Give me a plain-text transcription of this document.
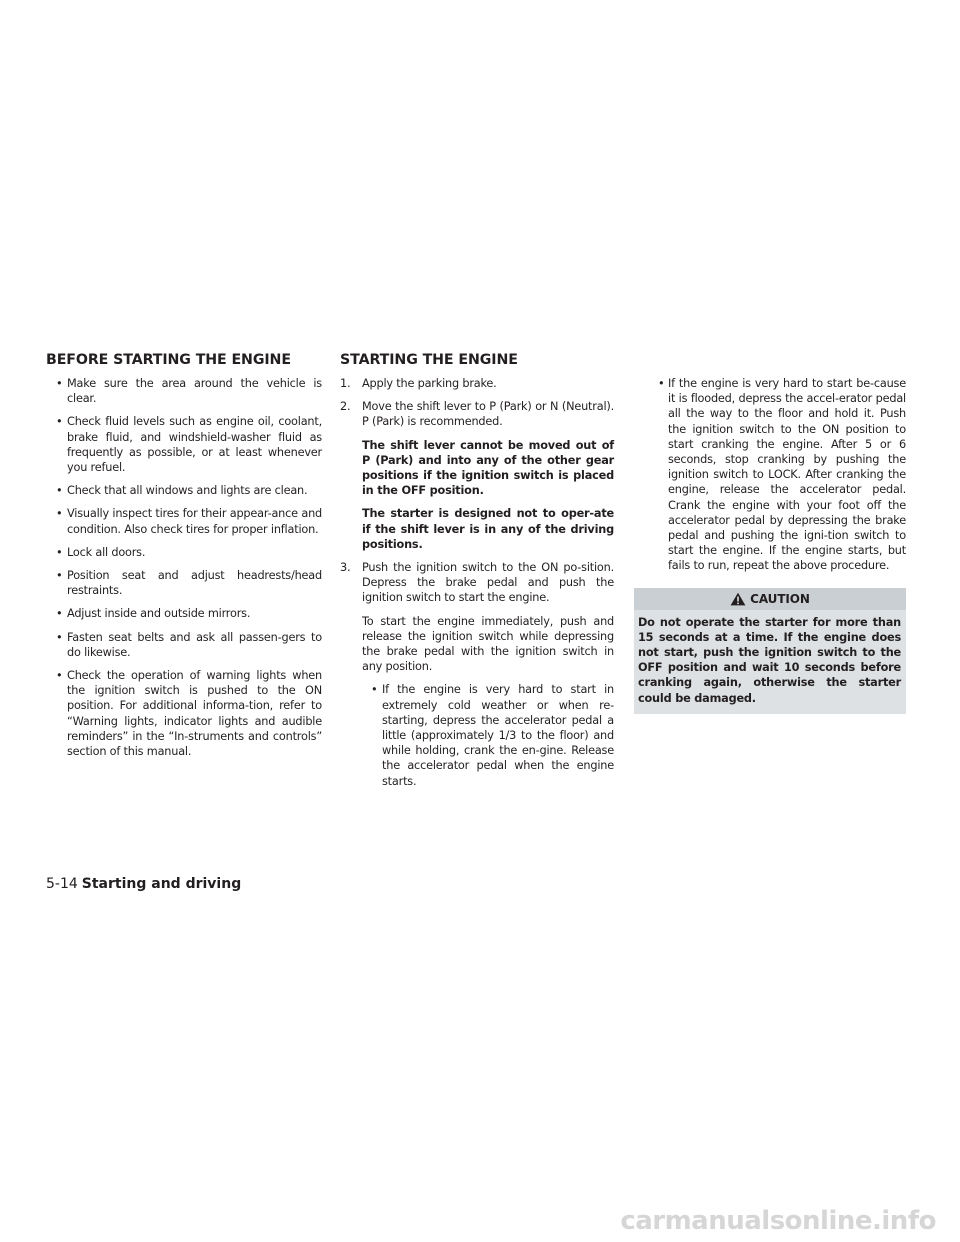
BEFORE STARTING THE ENGINE
• Make sure the area around the vehicle is clear.
• Check fluid levels such as engine oil, coolant, brake fluid, and windshield-washer fluid as frequently as possible, or at least whenever you refuel.
• Check that all windows and lights are clean.
• Visually inspect tires for their appear-ance and condition. Also check tires for proper inflation.
• Lock all doors.
• Position seat and adjust headrests/head restraints.
• Adjust inside and outside mirrors.
• Fasten seat belts and ask all passen-gers to do likewise.
• Check the operation of warning lights when the ignition switch is pushed to the ON position. For additional informa-tion, refer to “Warning lights, indicator lights and audible reminders” in the “In-struments and controls” section of this manual.
STARTING THE ENGINE
1. Apply the parking brake.
2. Move the shift lever to P (Park) or N (Neutral). P (Park) is recommended.
The shift lever cannot be moved out of P (Park) and into any of the other gear positions if the ignition switch is placed in the OFF position.
The starter is designed not to oper-ate if the shift lever is in any of the driving positions.
3. Push the ignition switch to the ON po-sition. Depress the brake pedal and push the ignition switch to start the engine.
To start the engine immediately, push and release the ignition switch while depressing the brake pedal with the ignition switch in any position.
• If the engine is very hard to start in extremely cold weather or when re-starting, depress the accelerator pedal a little (approximately 1/3 to the floor) and while holding, crank the en-gine. Release the accelerator pedal when the engine starts.
• If the engine is very hard to start be-cause it is flooded, depress the accel-erator pedal all the way to the floor and hold it. Push the ignition switch to the ON position to start cranking the engine. After 5 or 6 seconds, stop cranking by pushing the ignition switch to LOCK. After cranking the engine, release the accelerator pedal. Crank the engine with your foot off the accelerator pedal by depressing the brake pedal and pushing the igni-tion switch to start the engine. If the engine starts, but fails to run, repeat the above procedure.
CAUTION
Do not operate the starter for more than 15 seconds at a time. If the engine does not start, push the ignition switch to the OFF position and wait 10 seconds before cranking again, otherwise the starter could be damaged.
5-14 Starting and driving
carmanualsonline.info
